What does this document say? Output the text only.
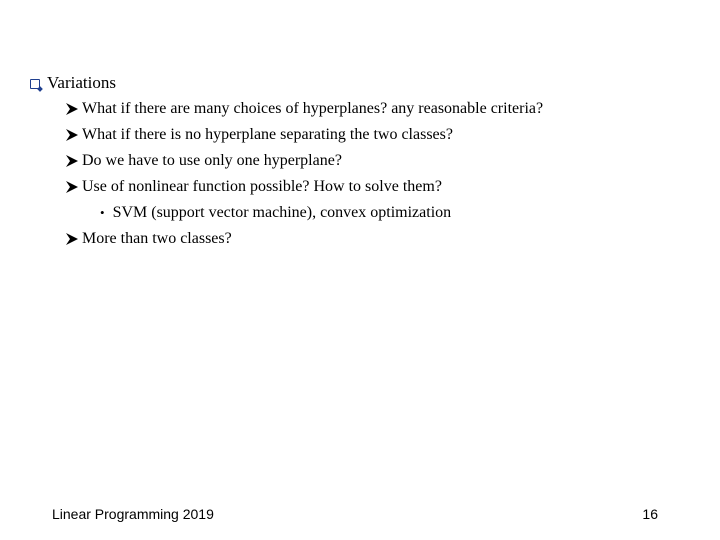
Variations
What if there are many choices of hyperplanes? any reasonable criteria?
What if there is no hyperplane separating the two classes?
Do we have to use only one hyperplane?
Use of nonlinear function possible? How to solve them?
• SVM (support vector machine), convex optimization
More than two classes?
Linear Programming 2019	16
